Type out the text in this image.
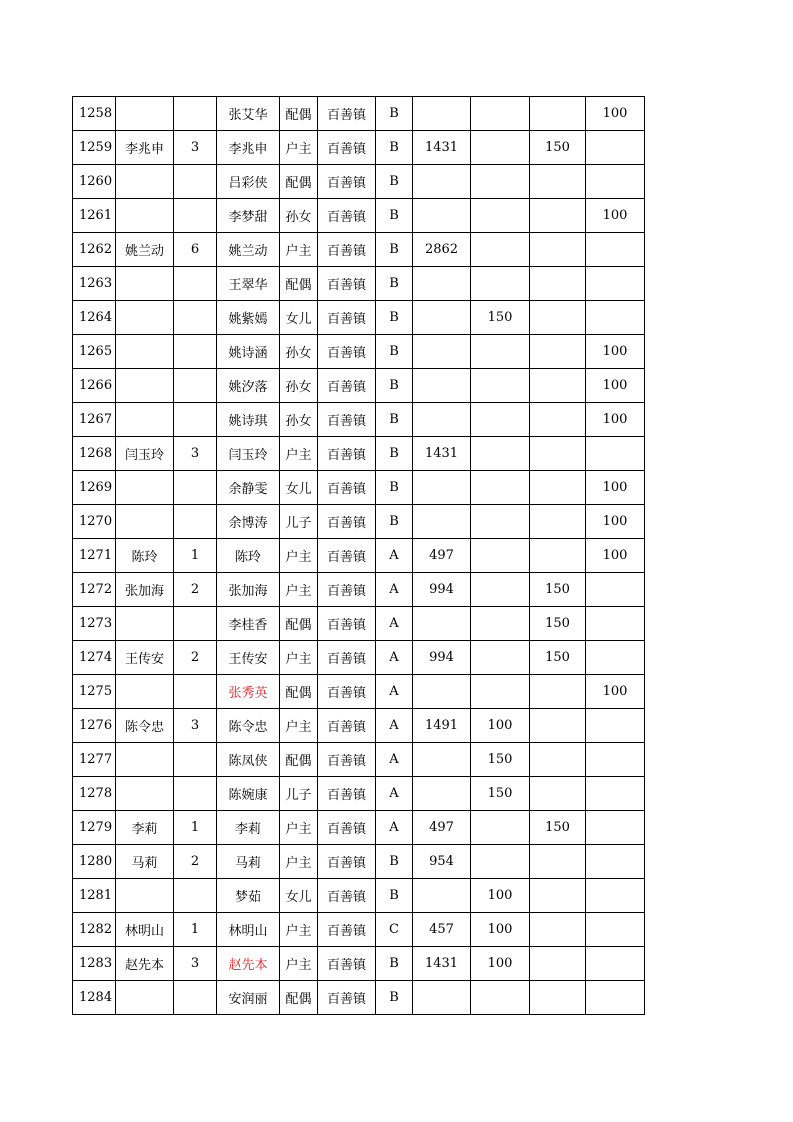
1258			张艾华	配偶	百善镇	B				100
1259	李兆申	3	李兆申	户主	百善镇	B	1431		150	
1260			吕彩侠	配偶	百善镇	B				
1261			李梦甜	孙女	百善镇	B				100
1262	姚兰动	6	姚兰动	户主	百善镇	B	2862			
1263			王翠华	配偶	百善镇	B				
1264			姚紫嫣	女儿	百善镇	B		150		
1265			姚诗涵	孙女	百善镇	B				100
1266			姚汐落	孙女	百善镇	B				100
1267			姚诗琪	孙女	百善镇	B				100
1268	闫玉玲	3	闫玉玲	户主	百善镇	B	1431			
1269			余静雯	女儿	百善镇	B				100
1270			余博涛	儿子	百善镇	B				100
1271	陈玲	1	陈玲	户主	百善镇	A	497			100
1272	张加海	2	张加海	户主	百善镇	A	994		150	
1273			李桂香	配偶	百善镇	A			150	
1274	王传安	2	王传安	户主	百善镇	A	994		150	
1275			张秀英	配偶	百善镇	A				100
1276	陈令忠	3	陈令忠	户主	百善镇	A	1491	100		
1277			陈凤侠	配偶	百善镇	A		150		
1278			陈婉康	儿子	百善镇	A		150		
1279	李莉	1	李莉	户主	百善镇	A	497		150	
1280	马莉	2	马莉	户主	百善镇	B	954			
1281			梦茹	女儿	百善镇	B		100		
1282	林明山	1	林明山	户主	百善镇	C	457	100		
1283	赵先本	3	赵先本	户主	百善镇	B	1431	100		
1284			安润丽	配偶	百善镇	B				
